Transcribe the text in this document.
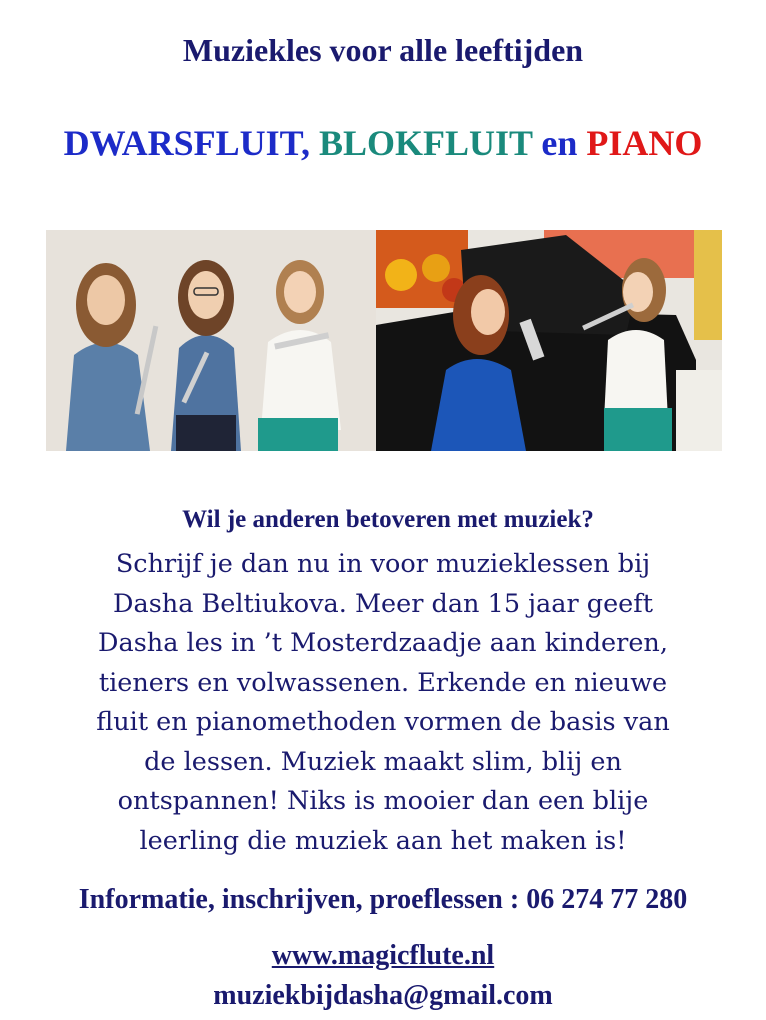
Muziekles voor alle leeftijden
DWARSFLUIT, BLOKFLUIT en PIANO

Wil je anderen betoveren met muziek?

Schrijf je dan nu in voor muzieklessen bij
Dasha Beltiukova. Meer dan 15 jaar geeft
Dasha les in ’t Mosterdzaadje aan kinderen,
tieners en volwassenen. Erkende en nieuwe
fluit en pianomethoden vormen de basis van
de lessen. Muziek maakt slim, blij en
ontspannen! Niks is mooier dan een blije
leerling die muziek aan het maken is!

Informatie, inschrijven, proeflessen : 06 274 77 280

www.magicflute.nl

muziekbijdasha@gmail.com
